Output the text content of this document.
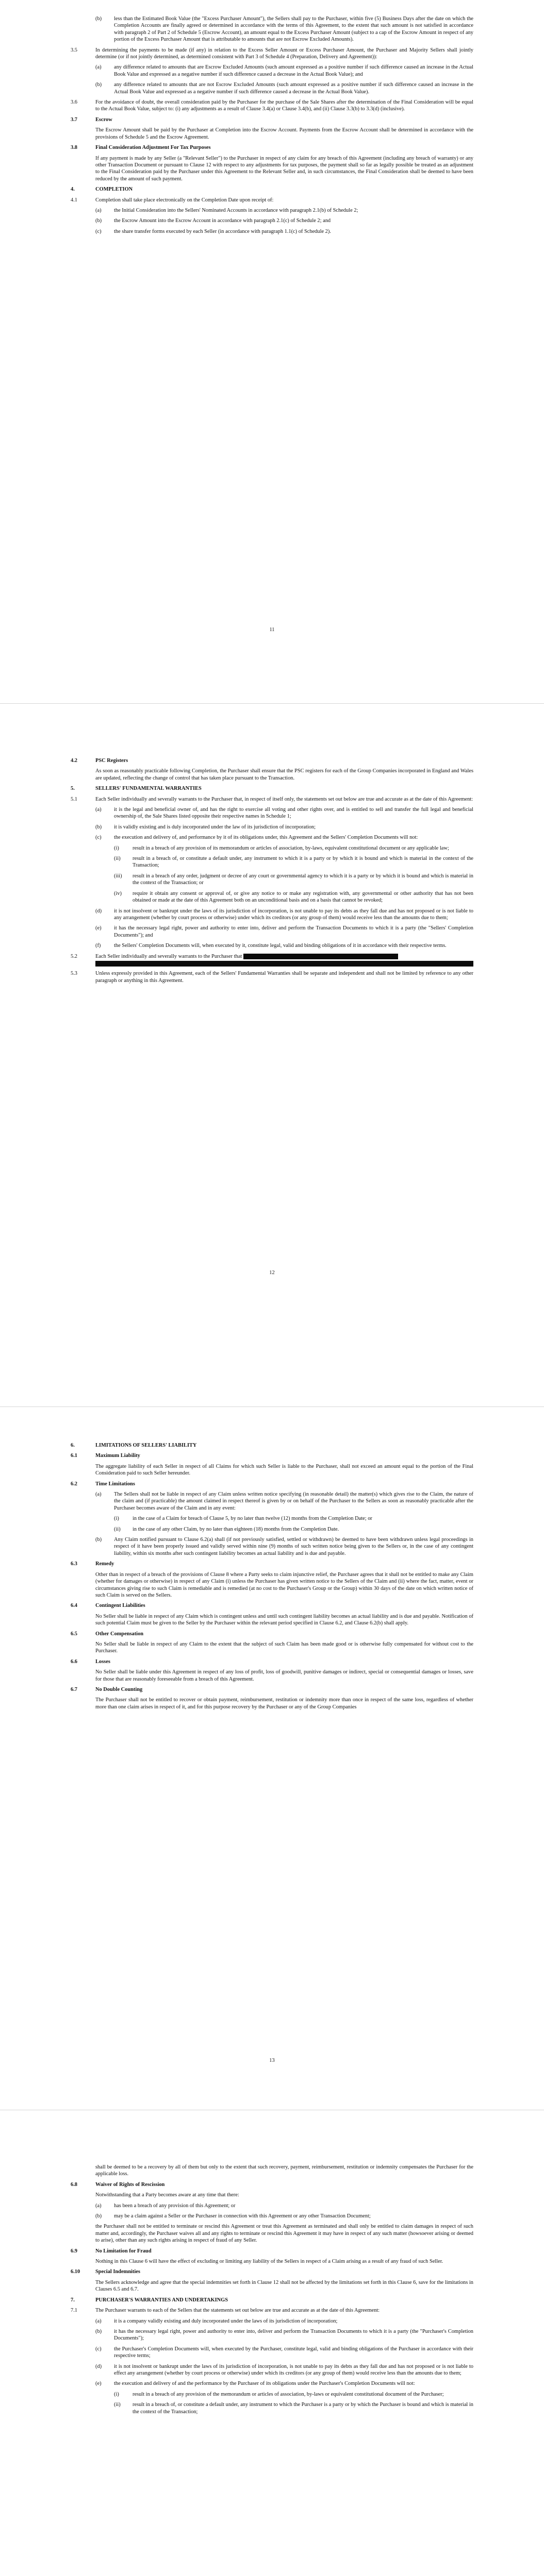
(b)	less than the Estimated Book Value (the "Excess Purchaser Amount"), the Sellers shall pay to the Purchaser, within five (5) Business Days after the date on which the Completion Accounts are finally agreed or determined in accordance with the terms of this Agreement, to the extent that such amount is not satisfied in accordance with paragraph 2 of Part 2 of Schedule 5 (Escrow Account), an amount equal to the Excess Purchaser Amount (subject to a cap of the Escrow Amount in respect of any portion of the Excess Purchaser Amount that is attributable to amounts that are not Escrow Excluded Amounts).
3.5	In determining the payments to be made (if any) in relation to the Excess Seller Amount or Excess Purchaser Amount, the Purchaser and Majority Sellers shall jointly determine (or if not jointly determined, as determined consistent with Part 3 of Schedule 4 (Preparation, Delivery and Agreement)):
(a)	any difference related to amounts that are Escrow Excluded Amounts (such amount expressed as a positive number if such difference caused an increase in the Actual Book Value and expressed as a negative number if such difference caused a decrease in the Actual Book Value); and
(b)	any difference related to amounts that are not Escrow Excluded Amounts (such amount expressed as a positive number if such difference caused an increase in the Actual Book Value and expressed as a negative number if such difference caused a decrease in the Actual Book Value).
3.6	For the avoidance of doubt, the overall consideration paid by the Purchaser for the purchase of the Sale Shares after the determination of the Final Consideration will be equal to the Actual Book Value, subject to: (i) any adjustments as a result of Clause 3.4(a) or Clause 3.4(b), and (ii) Clause 3.3(b) to 3.3(d) (inclusive).
3.7	Escrow
The Escrow Amount shall be paid by the Purchaser at Completion into the Escrow Account. Payments from the Escrow Account shall be determined in accordance with the provisions of Schedule 5 and the Escrow Agreement.
3.8	Final Consideration Adjustment For Tax Purposes
If any payment is made by any Seller (a "Relevant Seller") to the Purchaser in respect of any claim for any breach of this Agreement (including any breach of warranty) or any other Transaction Document or pursuant to Clause 12 with respect to any adjustments for tax purposes, the payment shall so far as legally possible be treated as an adjustment to the Final Consideration paid by the Purchaser under this Agreement to the Relevant Seller and, in such circumstances, the Final Consideration shall be deemed to have been reduced by the amount of such payment.
4.	COMPLETION
4.1	Completion shall take place electronically on the Completion Date upon receipt of:
(a)	the Initial Consideration into the Sellers' Nominated Accounts in accordance with paragraph 2.1(b) of Schedule 2;
(b)	the Escrow Amount into the Escrow Account in accordance with paragraph 2.1(c) of Schedule 2; and
(c)	the share transfer forms executed by each Seller (in accordance with paragraph 1.1(c) of Schedule 2).
11
4.2	PSC Registers
As soon as reasonably practicable following Completion, the Purchaser shall ensure that the PSC registers for each of the Group Companies incorporated in England and Wales are updated, reflecting the change of control that has taken place pursuant to the Transaction.
5.	SELLERS' FUNDAMENTAL WARRANTIES
5.1	Each Seller individually and severally warrants to the Purchaser that, in respect of itself only, the statements set out below are true and accurate as at the date of this Agreement:
(a)	it is the legal and beneficial owner of, and has the right to exercise all voting and other rights over, and is entitled to sell and transfer the full legal and beneficial ownership of, the Sale Shares listed opposite their respective names in Schedule 1;
(b)	it is validly existing and is duly incorporated under the law of its jurisdiction of incorporation;
(c)	the execution and delivery of, and performance by it of its obligations under, this Agreement and the Sellers' Completion Documents will not:
(i)	result in a breach of any provision of its memorandum or articles of association, by-laws, equivalent constitutional document or any applicable law;
(ii)	result in a breach of, or constitute a default under, any instrument to which it is a party or by which it is bound and which is material in the context of the Transaction;
(iii)	result in a breach of any order, judgment or decree of any court or governmental agency to which it is a party or by which it is bound and which is material in the context of the Transaction; or
(iv)	require it obtain any consent or approval of, or give any notice to or make any registration with, any governmental or other authority that has not been obtained or made at the date of this Agreement both on an unconditional basis and on a basis that cannot be revoked;
(d)	it is not insolvent or bankrupt under the laws of its jurisdiction of incorporation, is not unable to pay its debts as they fall due and has not proposed or is not liable to any arrangement (whether by court process or otherwise) under which its creditors (or any group of them) would receive less than the amounts due to them;
(e)	it has the necessary legal right, power and authority to enter into, deliver and perform the Transaction Documents to which it is a party (the "Sellers' Completion Documents"); and
(f)	the Sellers' Completion Documents will, when executed by it, constitute legal, valid and binding obligations of it in accordance with their respective terms.
5.2	Each Seller individually and severally warrants to the Purchaser that

5.3	Unless expressly provided in this Agreement, each of the Sellers' Fundamental Warranties shall be separate and independent and shall not be limited by reference to any other paragraph or anything in this Agreement.
12
6.	LIMITATIONS OF SELLERS' LIABILITY
6.1	Maximum Liability
The aggregate liability of each Seller in respect of all Claims for which such Seller is liable to the Purchaser, shall not exceed an amount equal to the portion of the Final Consideration paid to such Seller hereunder.
6.2	Time Limitations
(a)	The Sellers shall not be liable in respect of any Claim unless written notice specifying (in reasonable detail) the matter(s) which gives rise to the Claim, the nature of the claim and (if practicable) the amount claimed in respect thereof is given by or on behalf of the Purchaser to the Sellers as soon as reasonably practicable after the Purchaser becomes aware of the Claim and in any event:
(i)	in the case of a Claim for breach of Clause 5, by no later than twelve (12) months from the Completion Date; or
(ii)	in the case of any other Claim, by no later than eighteen (18) months from the Completion Date.
(b)	Any Claim notified pursuant to Clause 6.2(a) shall (if not previously satisfied, settled or withdrawn) be deemed to have been withdrawn unless legal proceedings in respect of it have been properly issued and validly served within nine (9) months of such written notice being given to the Sellers or, in the case of any contingent liability, within six months after such contingent liability becomes an actual liability and is due and payable.
6.3	Remedy
Other than in respect of a breach of the provisions of Clause 8 where a Party seeks to claim injunctive relief, the Purchaser agrees that it shall not be entitled to make any Claim (whether for damages or otherwise) in respect of any Claim (i) unless the Purchaser has given written notice to the Sellers of the Claim and (ii) where the fact, matter, event or circumstances giving rise to such Claim is remediable and is remedied (at no cost to the Purchaser's Group or the Group) within 30 days of the date on which written notice of such Claim is served on the Sellers.
6.4	Contingent Liabilities
No Seller shall be liable in respect of any Claim which is contingent unless and until such contingent liability becomes an actual liability and is due and payable. Notification of such potential Claim must be given to the Seller by the Purchaser within the relevant period specified in Clause 6.2, and Clause 6.2(b) shall apply.
6.5	Other Compensation
No Seller shall be liable in respect of any Claim to the extent that the subject of such Claim has been made good or is otherwise fully compensated for without cost to the Purchaser.
6.6	Losses
No Seller shall be liable under this Agreement in respect of any loss of profit, loss of goodwill, punitive damages or indirect, special or consequential damages or losses, save for those that are reasonably foreseeable from a breach of this Agreement.
6.7	No Double Counting
The Purchaser shall not be entitled to recover or obtain payment, reimbursement, restitution or indemnity more than once in respect of the same loss, regardless of whether more than one claim arises in respect of it, and for this purpose recovery by the Purchaser or any of the Group Companies
13
shall be deemed to be a recovery by all of them but only to the extent that such recovery, payment, reimbursement, restitution or indemnity compensates the Purchaser for the applicable loss.
6.8	Waiver of Rights of Rescission
Notwithstanding that a Party becomes aware at any time that there:
(a)	has been a breach of any provision of this Agreement; or
(b)	may be a claim against a Seller or the Purchaser in connection with this Agreement or any other Transaction Document;
the Purchaser shall not be entitled to terminate or rescind this Agreement or treat this Agreement as terminated and shall only be entitled to claim damages in respect of such matter and, accordingly, the Purchaser waives all and any rights to terminate or rescind this Agreement it may have in respect of any such matter (howsoever arising or deemed to arise), other than any such rights arising in respect of fraud of any Seller.
6.9	No Limitation for Fraud
Nothing in this Clause 6 will have the effect of excluding or limiting any liability of the Sellers in respect of a Claim arising as a result of any fraud of such Seller.
6.10	Special Indemnities
The Sellers acknowledge and agree that the special indemnities set forth in Clause 12 shall not be affected by the limitations set forth in this Clause 6, save for the limitations in Clauses 6.5 and 6.7.
7.	PURCHASER'S WARRANTIES AND UNDERTAKINGS
7.1	The Purchaser warrants to each of the Sellers that the statements set out below are true and accurate as at the date of this Agreement:
(a)	it is a company validly existing and duly incorporated under the laws of its jurisdiction of incorporation;
(b)	it has the necessary legal right, power and authority to enter into, deliver and perform the Transaction Documents to which it is a party (the "Purchaser's Completion Documents");
(c)	the Purchaser's Completion Documents will, when executed by the Purchaser, constitute legal, valid and binding obligations of the Purchaser in accordance with their respective terms;
(d)	it is not insolvent or bankrupt under the laws of its jurisdiction of incorporation, is not unable to pay its debts as they fall due and has not proposed or is not liable to effect any arrangement (whether by court process or otherwise) under which its creditors (or any group of them) would receive less than the amounts due to them;
(e)	the execution and delivery of and the performance by the Purchaser of its obligations under the Purchaser's Completion Documents will not:
(i)	result in a breach of any provision of the memorandum or articles of association, by-laws or equivalent constitutional document of the Purchaser;
(ii)	result in a breach of, or constitute a default under, any instrument to which the Purchaser is a party or by which the Purchaser is bound and which is material in the context of the Transaction;
